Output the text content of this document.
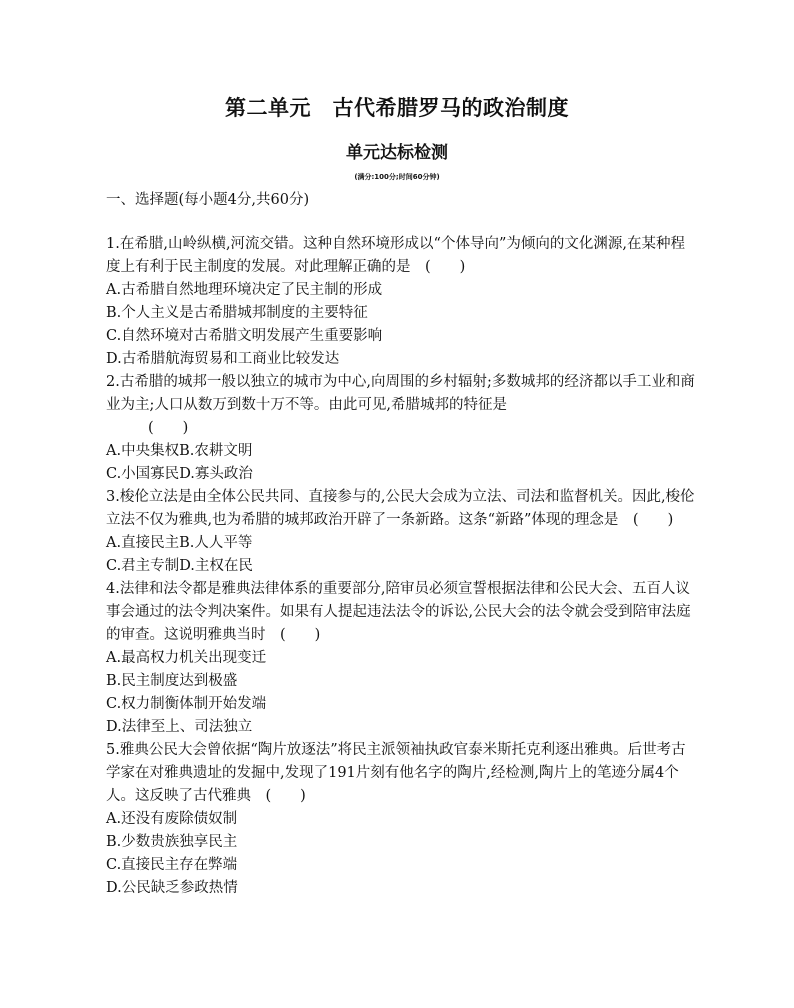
第二单元　古代希腊罗马的政治制度
单元达标检测
(满分:100分;时间60分钟)
一、选择题(每小题4分,共60分)

1.在希腊,山岭纵横,河流交错。这种自然环境形成以“个体导向”为倾向的文化渊源,在某种程度上有利于民主制度的发展。对此理解正确的是　(　　)

A.古希腊自然地理环境决定了民主制的形成

B.个人主义是古希腊城邦制度的主要特征

C.自然环境对古希腊文明发展产生重要影响

D.古希腊航海贸易和工商业比较发达

2.古希腊的城邦一般以独立的城市为中心,向周围的乡村辐射;多数城邦的经济都以手工业和商业为主;人口从数万到数十万不等。由此可见,希腊城邦的特征是

(　　)

A.中央集权B.农耕文明

C.小国寡民D.寡头政治

3.梭伦立法是由全体公民共同、直接参与的,公民大会成为立法、司法和监督机关。因此,梭伦立法不仅为雅典,也为希腊的城邦政治开辟了一条新路。这条“新路”体现的理念是　(　　)

A.直接民主B.人人平等

C.君主专制D.主权在民

4.法律和法令都是雅典法律体系的重要部分,陪审员必须宣誓根据法律和公民大会、五百人议事会通过的法令判决案件。如果有人提起违法法令的诉讼,公民大会的法令就会受到陪审法庭的审查。这说明雅典当时　(　　)

A.最高权力机关出现变迁

B.民主制度达到极盛

C.权力制衡体制开始发端

D.法律至上、司法独立

5.雅典公民大会曾依据“陶片放逐法”将民主派领袖执政官泰米斯托克利逐出雅典。后世考古学家在对雅典遗址的发掘中,发现了191片刻有他名字的陶片,经检测,陶片上的笔迹分属4个人。这反映了古代雅典　(　　)

A.还没有废除债奴制

B.少数贵族独享民主

C.直接民主存在弊端

D.公民缺乏参政热情
